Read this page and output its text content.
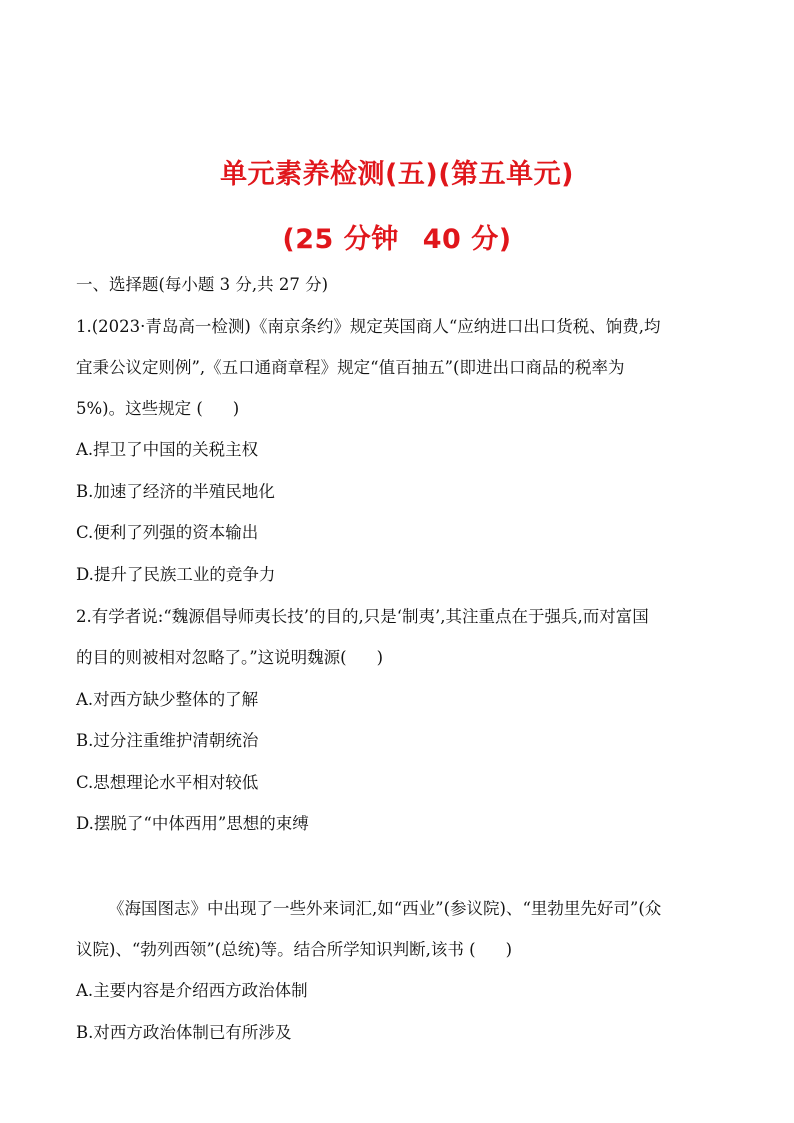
单元素养检测(五)(第五单元)
(25 分钟 40 分)
一、选择题(每小题 3 分,共 27 分)
1.(2023·青岛高一检测)《南京条约》规定英国商人“应纳进口出口货税、饷费,均
宜秉公议定则例”,《五口通商章程》规定“值百抽五”(即进出口商品的税率为
5%)。这些规定 ( )
A.捍卫了中国的关税主权
B.加速了经济的半殖民地化
C.便利了列强的资本输出
D.提升了民族工业的竞争力
2.有学者说:“魏源倡导师夷长技’的目的,只是‘制夷’,其注重点在于强兵,而对富国
的目的则被相对忽略了。”这说明魏源( )
A.对西方缺少整体的了解
B.过分注重维护清朝统治
C.思想理论水平相对较低
D.摆脱了“中体西用”思想的束缚
《海国图志》中出现了一些外来词汇,如“西业”(参议院)、“里勃里先好司”(众
议院)、“勃列西领”(总统)等。结合所学知识判断,该书 ( )
A.主要内容是介绍西方政治体制
B.对西方政治体制已有所涉及
